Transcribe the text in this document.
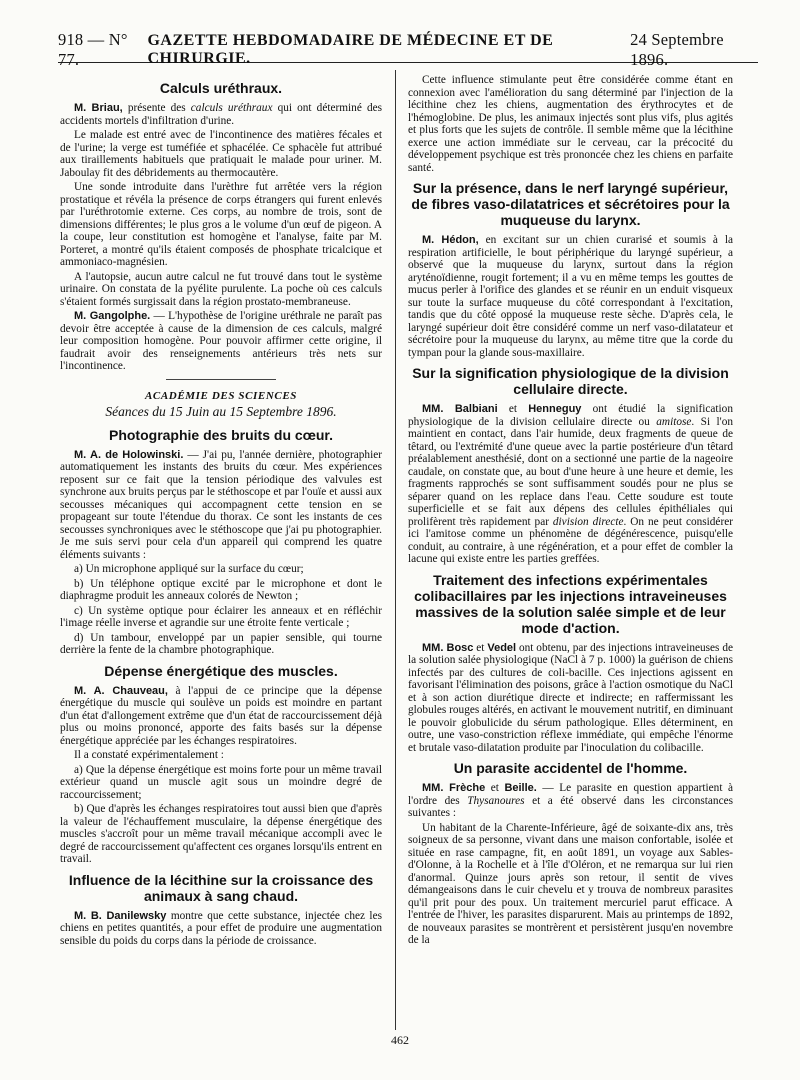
918 — N° 77.
GAZETTE HEBDOMADAIRE DE MÉDECINE ET DE CHIRURGIE.
24 Septembre 1896.
Calculs uréthraux.

M. Briau, présente des calculs uréthraux qui ont déterminé des accidents mortels d'infiltration d'urine.

Le malade est entré avec de l'incontinence des matières fécales et de l'urine; la verge est tuméfiée et sphacélée. Ce sphacèle fut attribué aux tiraillements habituels que pratiquait le malade pour uriner. M. Jaboulay fit des débridements au thermocautère.

Une sonde introduite dans l'urèthre fut arrêtée vers la région prostatique et révéla la présence de corps étrangers qui furent enlevés par l'uréthrotomie externe. Ces corps, au nombre de trois, sont de dimensions différentes; le plus gros a le volume d'un œuf de pigeon. A la coupe, leur constitution est homogène et l'analyse, faite par M. Porteret, a montré qu'ils étaient composés de phosphate tricalcique et ammoniaco-magnésien.

A l'autopsie, aucun autre calcul ne fut trouvé dans tout le système urinaire. On constata de la pyélite purulente. La poche où ces calculs s'étaient formés surgissait dans la région prostato-membraneuse.

M. Gangolphe. — L'hypothèse de l'origine uréthrale ne paraît pas devoir être acceptée à cause de la dimension de ces calculs, malgré leur composition homogène. Pour pouvoir affirmer cette origine, il faudrait avoir des renseignements antérieurs très nets sur l'incontinence.

ACADÉMIE DES SCIENCES
Séances du 15 Juin au 15 Septembre 1896.
Photographie des bruits du cœur.

M. A. de Holowinski. — J'ai pu, l'année dernière, photographier automatiquement les instants des bruits du cœur. Mes expériences reposent sur ce fait que la tension périodique des valvules est synchrone aux bruits perçus par le stéthoscope et par l'ouïe et aussi aux secousses mécaniques qui accompagnent cette tension en se propageant sur toute l'étendue du thorax. Ce sont les instants de ces secousses synchroniques avec le stéthoscope que j'ai pu photographier. Je me suis servi pour cela d'un appareil qui comprend les quatre éléments suivants :

a) Un microphone appliqué sur la surface du cœur;

b) Un téléphone optique excité par le microphone et dont le diaphragme produit les anneaux colorés de Newton ;

c) Un système optique pour éclairer les anneaux et en réfléchir l'image réelle inverse et agrandie sur une étroite fente verticale ;

d) Un tambour, enveloppé par un papier sensible, qui tourne derrière la fente de la chambre photographique.

Dépense énergétique des muscles.

M. A. Chauveau, à l'appui de ce principe que la dépense énergétique du muscle qui soulève un poids est moindre en partant d'un état d'allongement extrême que d'un état de raccourcissement déjà plus ou moins prononcé, apporte des faits basés sur la dépense énergétique appréciée par les échanges respiratoires.

Il a constaté expérimentalement :

a) Que la dépense énergétique est moins forte pour un même travail extérieur quand un muscle agit sous un moindre degré de raccourcissement;

b) Que d'après les échanges respiratoires tout aussi bien que d'après la valeur de l'échauffement musculaire, la dépense énergétique des muscles s'accroît pour un même travail mécanique accompli avec le degré de raccourcissement qu'affectent ces organes lorsqu'ils entrent en travail.

Influence de la lécithine sur la croissance des animaux à sang chaud.

M. B. Danilewsky montre que cette substance, injectée chez les chiens en petites quantités, a pour effet de produire une augmentation sensible du poids du corps dans la période de croissance.

Cette influence stimulante peut être considérée comme étant en connexion avec l'amélioration du sang déterminé par l'injection de la lécithine chez les chiens, augmentation des érythrocytes et de l'hémoglobine. De plus, les animaux injectés sont plus vifs, plus agités et plus forts que les sujets de contrôle. Il semble même que la lécithine exerce une action immédiate sur le cerveau, car la précocité du développement psychique est très prononcée chez les chiens en parfaite santé.

Sur la présence, dans le nerf laryngé supérieur, de fibres vaso-dilatatrices et sécrétoires pour la muqueuse du larynx.

M. Hédon, en excitant sur un chien curarisé et soumis à la respiration artificielle, le bout périphérique du laryngé supérieur, a observé que la muqueuse du larynx, surtout dans la région aryténoïdienne, rougit fortement; il a vu en même temps les gouttes de mucus perler à l'orifice des glandes et se réunir en un enduit visqueux sur toute la surface muqueuse du côté correspondant à l'excitation, tandis que du côté opposé la muqueuse reste sèche. D'après cela, le laryngé supérieur doit être considéré comme un nerf vaso-dilatateur et sécrétoire pour la muqueuse du larynx, au même titre que la corde du tympan pour la glande sous-maxillaire.

Sur la signification physiologique de la division cellulaire directe.

MM. Balbiani et Henneguy ont étudié la signification physiologique de la division cellulaire directe ou amitose. Si l'on maintient en contact, dans l'air humide, deux fragments de queue de têtard, ou l'extrémité d'une queue avec la partie postérieure d'un têtard préalablement anesthésié, dont on a sectionné une partie de la nageoire caudale, on constate que, au bout d'une heure à une heure et demie, les fragments rapprochés se sont suffisamment soudés pour ne plus se séparer quand on les replace dans l'eau. Cette soudure est toute superficielle et se fait aux dépens des cellules épithéliales qui prolifèrent très rapidement par division directe. On ne peut considérer ici l'amitose comme un phénomène de dégénérescence, puisqu'elle conduit, au contraire, à une régénération, et a pour effet de combler la lacune qui existe entre les parties greffées.

Traitement des infections expérimentales colibacillaires par les injections intraveineuses massives de la solution salée simple et de leur mode d'action.

MM. Bosc et Vedel ont obtenu, par des injections intraveineuses de la solution salée physiologique (NaCl à 7 p. 1000) la guérison de chiens infectés par des cultures de coli-bacille. Ces injections agissent en favorisant l'élimination des poisons, grâce à l'action osmotique du NaCl et à son action diurétique directe et indirecte; en raffermissant les globules rouges altérés, en activant le mouvement nutritif, en diminuant le pouvoir globulicide du sérum pathologique. Elles déterminent, en outre, une vaso-constriction réflexe immédiate, qui empêche l'énorme et brutale vaso-dilatation produite par l'inoculation du colibacille.

Un parasite accidentel de l'homme.

MM. Frèche et Beille. — Le parasite en question appartient à l'ordre des Thysanoures et a été observé dans les circonstances suivantes :

Un habitant de la Charente-Inférieure, âgé de soixante-dix ans, très soigneux de sa personne, vivant dans une maison confortable, isolée et située en rase campagne, fit, en août 1891, un voyage aux Sables-d'Olonne, à la Rochelle et à l'île d'Oléron, et ne remarqua sur lui rien d'anormal. Quinze jours après son retour, il sentit de vives démangeaisons dans le cuir chevelu et y trouva de nombreux parasites qu'il prit pour des poux. Un traitement mercuriel parut efficace. A l'entrée de l'hiver, les parasites disparurent. Mais au printemps de 1892, de nouveaux parasites se montrèrent et persistèrent jusqu'en novembre de la

462
